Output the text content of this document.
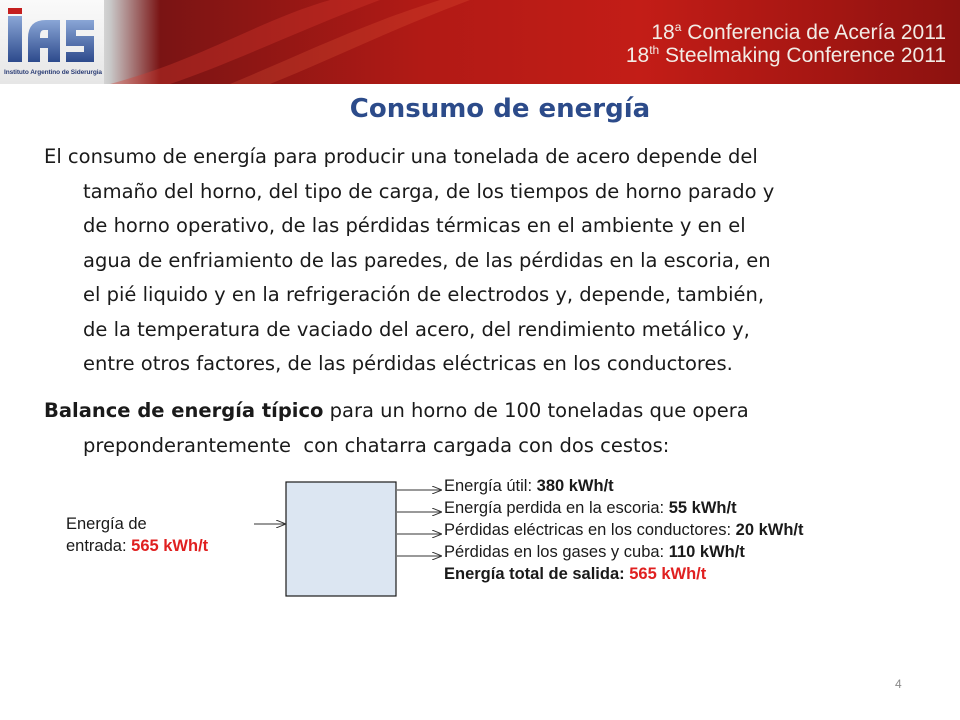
Instituto Argentino de Siderurgia
18$^a$ Conferencia de Acería 2011
18th Steelmaking Conference 2011
Consumo de energía
El consumo de energía para producir una tonelada de acero depende del
tamaño del horno, del tipo de carga, de los tiempos de horno parado y
de horno operativo, de las pérdidas térmicas en el ambiente y en el
agua de enfriamiento de las paredes, de las pérdidas en la escoria, en
el pié liquido y en la refrigeración de electrodos y, depende, también,
de la temperatura de vaciado del acero, del rendimiento metálico y,
entre otros factores, de las pérdidas eléctricas en los conductores.
Balance de energía típico para un horno de 100 toneladas que opera
preponderantemente  con chatarra cargada con dos cestos:
Energía de
entrada: 565 kWh/t
Energía útil: 380 kWh/t
Energía perdida en la escoria: 55 kWh/t
Pérdidas eléctricas en los conductores: 20 kWh/t
Pérdidas en los gases y cuba: 110 kWh/t
Energía total de salida: 565 kWh/t
4
